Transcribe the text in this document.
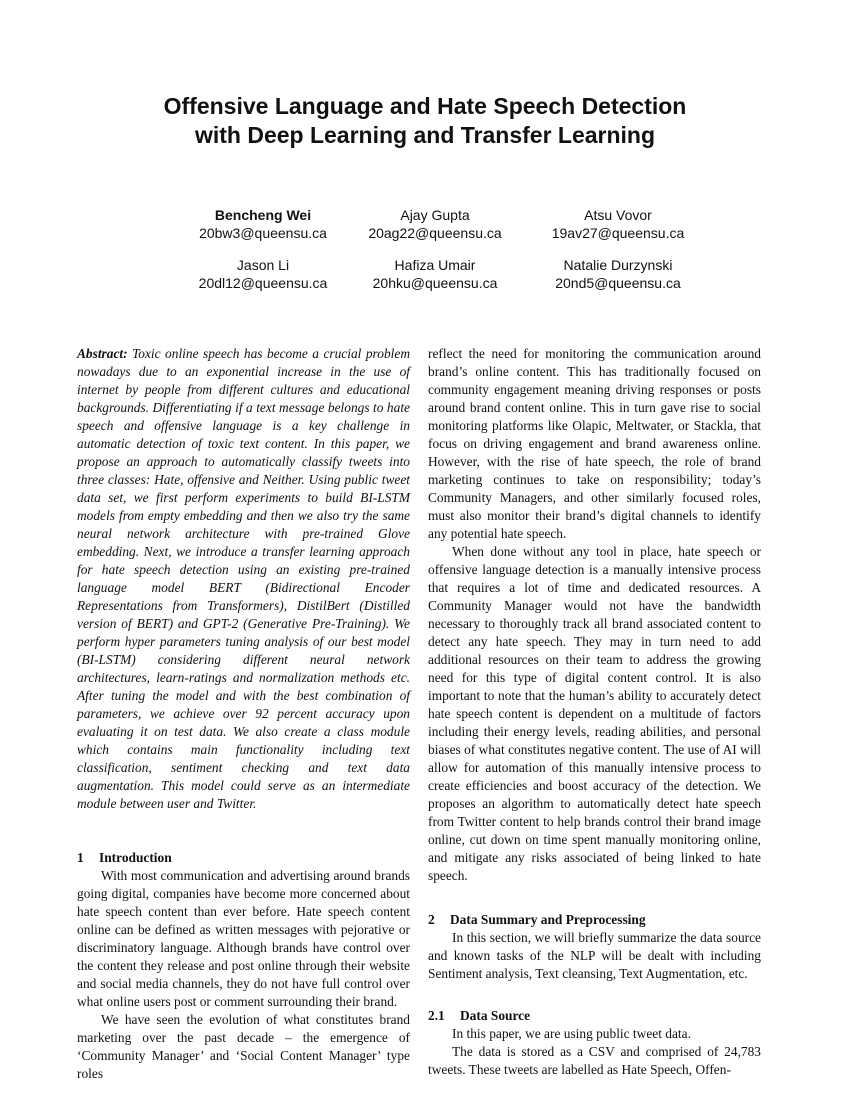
Offensive Language and Hate Speech Detection
with Deep Learning and Transfer Learning
Bencheng Wei
20bw3@queensu.ca
Ajay Gupta
20ag22@queensu.ca
Atsu Vovor
19av27@queensu.ca
Jason Li
20dl12@queensu.ca
Hafiza Umair
20hku@queensu.ca
Natalie Durzynski
20nd5@queensu.ca

Abstract: Toxic online speech has become a crucial problem nowadays due to an exponential increase in the use of internet by people from different cultures and educational backgrounds. Differentiating if a text message belongs to hate speech and offensive language is a key challenge in automatic detection of toxic text content. In this paper, we propose an approach to automatically classify tweets into three classes: Hate, offensive and Neither. Using public tweet data set, we first perform experiments to build BI-LSTM models from empty embedding and then we also try the same neural network architecture with pre-trained Glove embedding. Next, we introduce a transfer learning approach for hate speech detection using an existing pre-trained language model BERT (Bidirectional Encoder Representations from Transformers), DistilBert (Distilled version of BERT) and GPT-2 (Generative Pre-Training). We perform hyper parameters tuning analysis of our best model (BI-LSTM) considering different neural network architectures, learn-ratings and normalization methods etc. After tuning the model and with the best combination of parameters, we achieve over 92 percent accuracy upon evaluating it on test data. We also create a class module which contains main functionality including text classification, sentiment checking and text data augmentation. This model could serve as an intermediate module between user and Twitter.

1 Introduction

With most communication and advertising around brands going digital, companies have become more concerned about hate speech content than ever before. Hate speech content online can be defined as written messages with pejorative or discriminatory language. Although brands have control over the content they release and post online through their website and social media channels, they do not have full control over what online users post or comment surrounding their brand.

We have seen the evolution of what constitutes brand marketing over the past decade – the emergence of ‘Community Manager’ and ‘Social Content Manager’ type roles

reflect the need for monitoring the communication around brand’s online content. This has traditionally focused on community engagement meaning driving responses or posts around brand content online. This in turn gave rise to social monitoring platforms like Olapic, Meltwater, or Stackla, that focus on driving engagement and brand awareness online. However, with the rise of hate speech, the role of brand marketing continues to take on responsibility; today’s Community Managers, and other similarly focused roles, must also monitor their brand’s digital channels to identify any potential hate speech.

When done without any tool in place, hate speech or offensive language detection is a manually intensive process that requires a lot of time and dedicated resources. A Community Manager would not have the bandwidth necessary to thoroughly track all brand associated content to detect any hate speech. They may in turn need to add additional resources on their team to address the growing need for this type of digital content control. It is also important to note that the human’s ability to accurately detect hate speech content is dependent on a multitude of factors including their energy levels, reading abilities, and personal biases of what constitutes negative content. The use of AI will allow for automation of this manually intensive process to create efficiencies and boost accuracy of the detection. We proposes an algorithm to automatically detect hate speech from Twitter content to help brands control their brand image online, cut down on time spent manually monitoring online, and mitigate any risks associated of being linked to hate speech.

2 Data Summary and Preprocessing

In this section, we will briefly summarize the data source and known tasks of the NLP will be dealt with including Sentiment analysis, Text cleansing, Text Augmentation, etc.

2.1 Data Source

In this paper, we are using public tweet data.

The data is stored as a CSV and comprised of 24,783 tweets. These tweets are labelled as Hate Speech, Offen-
